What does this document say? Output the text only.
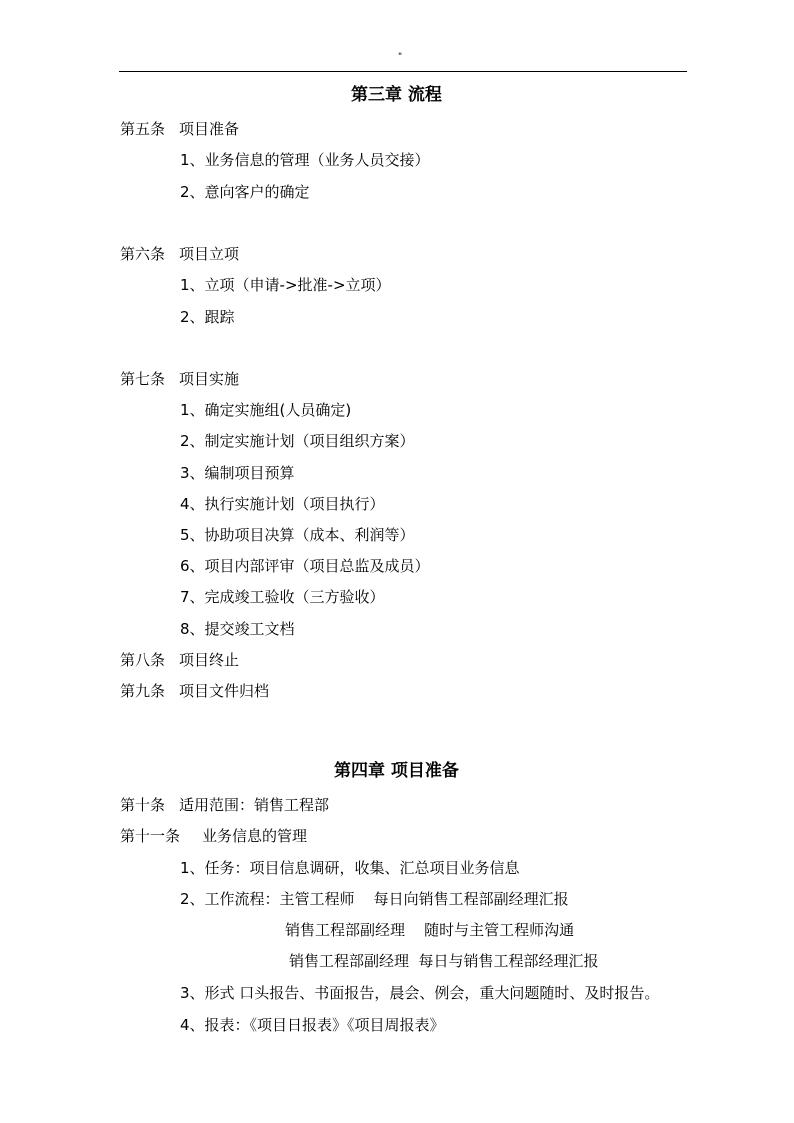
"
第三章 流程
第五条 项目准备
1、业务信息的管理（业务人员交接）
2、意向客户的确定
第六条 项目立项
1、立项（申请->批准->立项）
2、跟踪
第七条 项目实施
1、确定实施组(人员确定)
2、制定实施计划（项目组织方案）
3、编制项目预算
4、执行实施计划（项目执行）
5、协助项目决算（成本、利润等）
6、项目内部评审（项目总监及成员）
7、完成竣工验收（三方验收）
8、提交竣工文档
第八条 项目终止
第九条 项目文件归档
第四章 项目准备
第十条 适用范围：销售工程部
第十一条 业务信息的管理
1、任务：项目信息调研，收集、汇总项目业务信息
2、工作流程：主管工程师    每日向销售工程部副经理汇报
销售工程部副经理    随时与主管工程师沟通
销售工程部副经理  每日与销售工程部经理汇报
3、形式 口头报告、书面报告，晨会、例会，重大问题随时、及时报告。
4、报表：《项目日报表》《项目周报表》
